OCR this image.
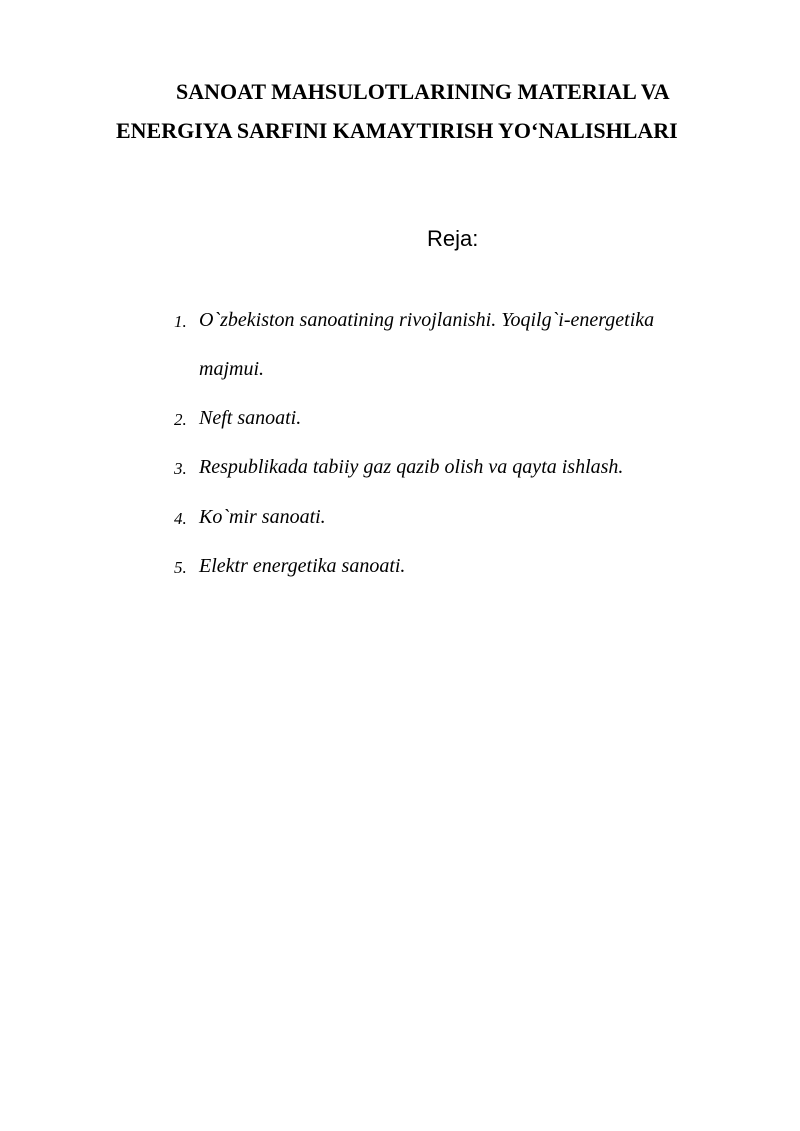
SANOAT MAHSULOTLARINING MATERIAL VA
ENERGIYA SARFINI KAMAYTIRISH YO‘NALISHLARI
Reja:
1. O`zbekiston sanoatining rivojlanishi. Yoqilg`i-energetika
majmui.
2. Neft sanoati.
3. Respublikada tabiiy gaz qazib olish va qayta ishlash.
4. Ko`mir sanoati.
5. Elektr energetika sanoati.
